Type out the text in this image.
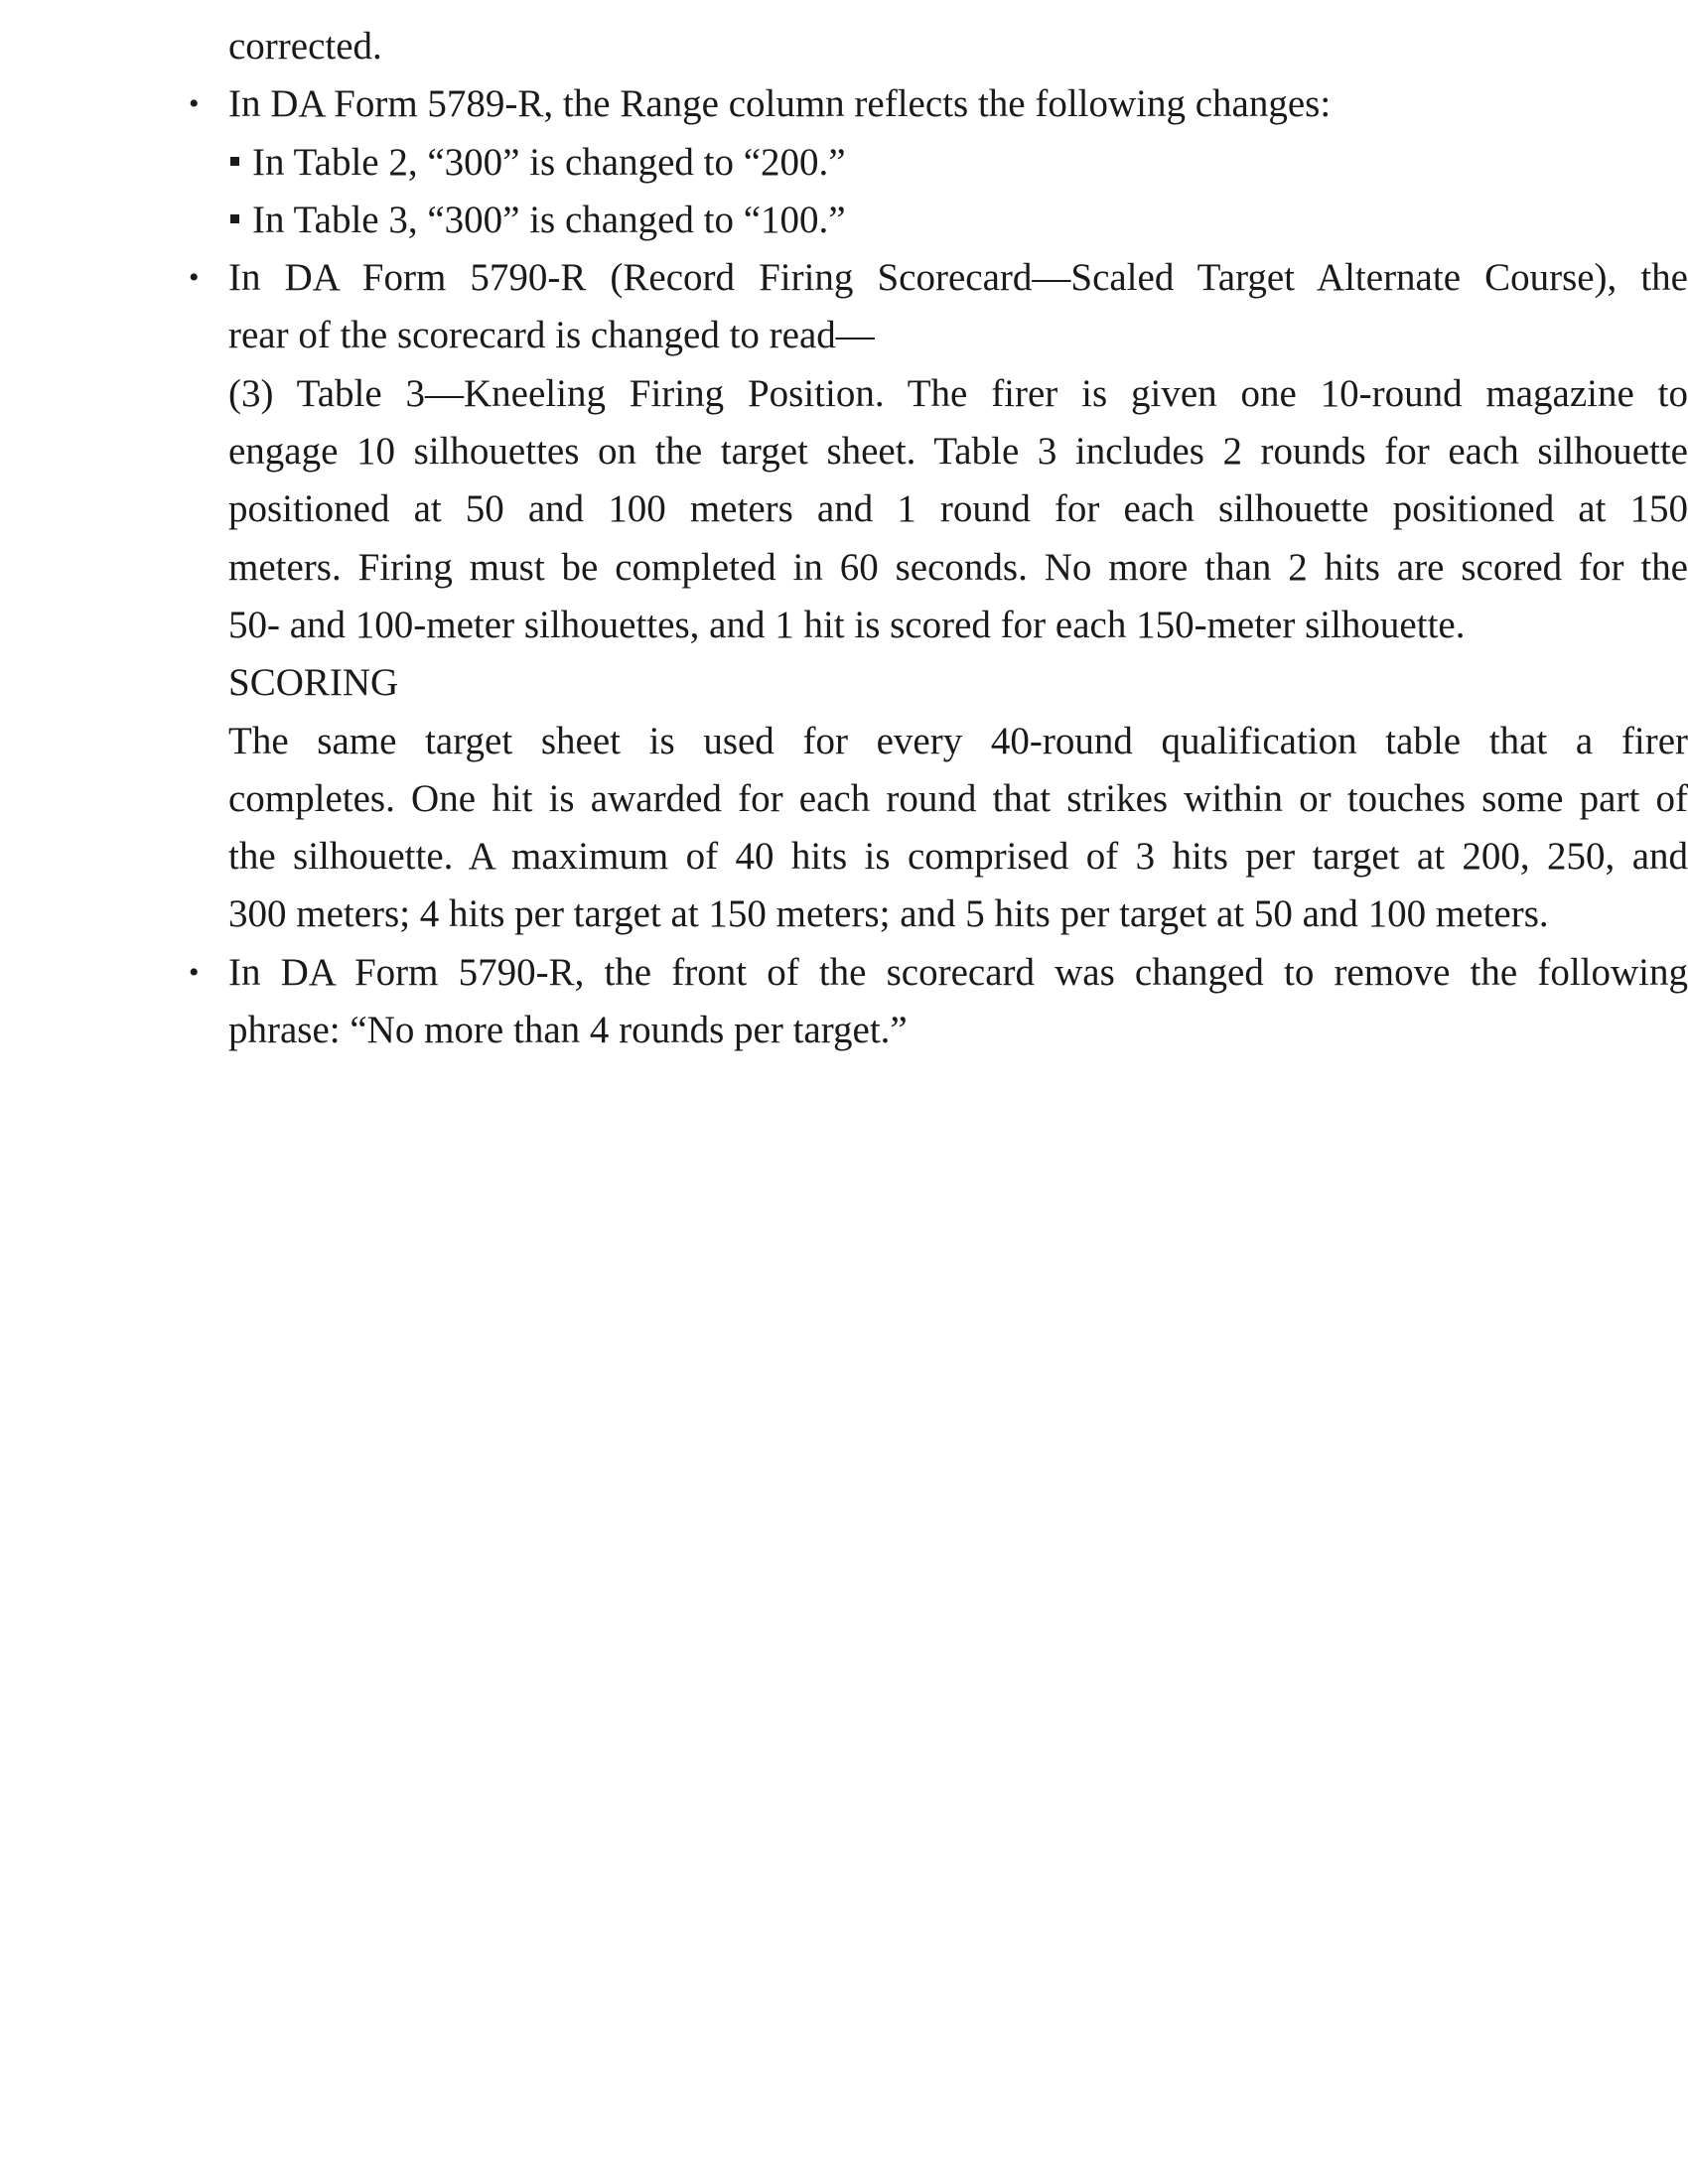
corrected.
• In DA Form 5789-R, the Range column reflects the following changes:
In Table 2, “300” is changed to “200.”
In Table 3, “300” is changed to “100.”
• In DA Form 5790-R (Record Firing Scorecard—Scaled Target Alternate Course), the
rear of the scorecard is changed to read—
(3) Table 3—Kneeling Firing Position. The firer is given one 10-round magazine to
engage 10 silhouettes on the target sheet. Table 3 includes 2 rounds for each silhouette
positioned at 50 and 100 meters and 1 round for each silhouette positioned at 150
meters. Firing must be completed in 60 seconds. No more than 2 hits are scored for the
50- and 100-meter silhouettes, and 1 hit is scored for each 150-meter silhouette.
SCORING
The same target sheet is used for every 40-round qualification table that a firer
completes. One hit is awarded for each round that strikes within or touches some part of
the silhouette. A maximum of 40 hits is comprised of 3 hits per target at 200, 250, and
300 meters; 4 hits per target at 150 meters; and 5 hits per target at 50 and 100 meters.
• In DA Form 5790-R, the front of the scorecard was changed to remove the following
phrase: “No more than 4 rounds per target.”
